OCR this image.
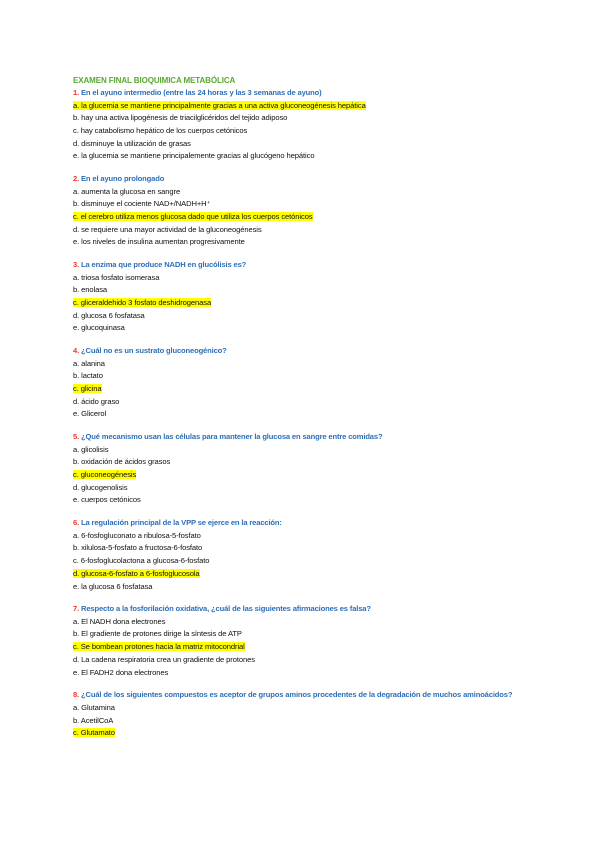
EXAMEN FINAL BIOQUIMICA METABÓLICA
1. En el ayuno intermedio (entre las 24 horas y las 3 semanas de ayuno)
a. la glucemia se mantiene principalmente gracias a una activa gluconeogénesis hepática
b. hay una activa lipogénesis de triacilglicéridos del tejido adiposo
c. hay catabolismo hepático de los cuerpos cetónicos
d. disminuye la utilización de grasas
e. la glucemia se mantiene principalemente gracias al glucógeno hepático
2. En el ayuno prolongado
a. aumenta la glucosa en sangre
b. disminuye el cociente NAD+/NADH+H⁺
c. el cerebro utiliza menos glucosa dado que utiliza los cuerpos cetónicos
d. se requiere una mayor actividad de la gluconeogénesis
e. los niveles de insulina aumentan progresivamente
3. La enzima que produce NADH en glucólisis es?
a. triosa fosfato isomerasa
b. enolasa
c. gliceraldehido 3 fosfato deshidrogenasa
d. glucosa 6 fosfatasa
e. glucoquinasa
4. ¿Cuál no es un sustrato gluconeogénico?
a. alanina
b. lactato
c. glicina
d. ácido graso
e. Glicerol
5. ¿Qué mecanismo usan las células para mantener la glucosa en sangre entre comidas?
a. glicolisis
b. oxidación de ácidos grasos
c. gluconeogénesis
d. glucogenolisis
e. cuerpos cetónicos
6. La regulación principal de la VPP se ejerce en la reacción:
a. 6-fosfogluconato a ribulosa-5-fosfato
b. xilulosa-5-fosfato a fructosa-6-fosfato
c. 6-fosfoglucolactona a glucosa-6-fosfato
d. glucosa-6-fosfato a 6-fosfoglucosola
e. la glucosa 6 fosfatasa
7. Respecto a la fosforilación oxidativa, ¿cuál de las siguientes afirmaciones es falsa?
a. El NADH dona electrones
b. El gradiente de protones dirige la síntesis de ATP
c. Se bombean protones hacia la matriz mitocondrial
d. La cadena respiratoria crea un gradiente de protones
e. El FADH2 dona electrones
8. ¿Cuál de los siguientes compuestos es aceptor de grupos aminos procedentes de la degradación de muchos aminoácidos?
a. Glutamina
b. AcetilCoA
c. Glutamato
